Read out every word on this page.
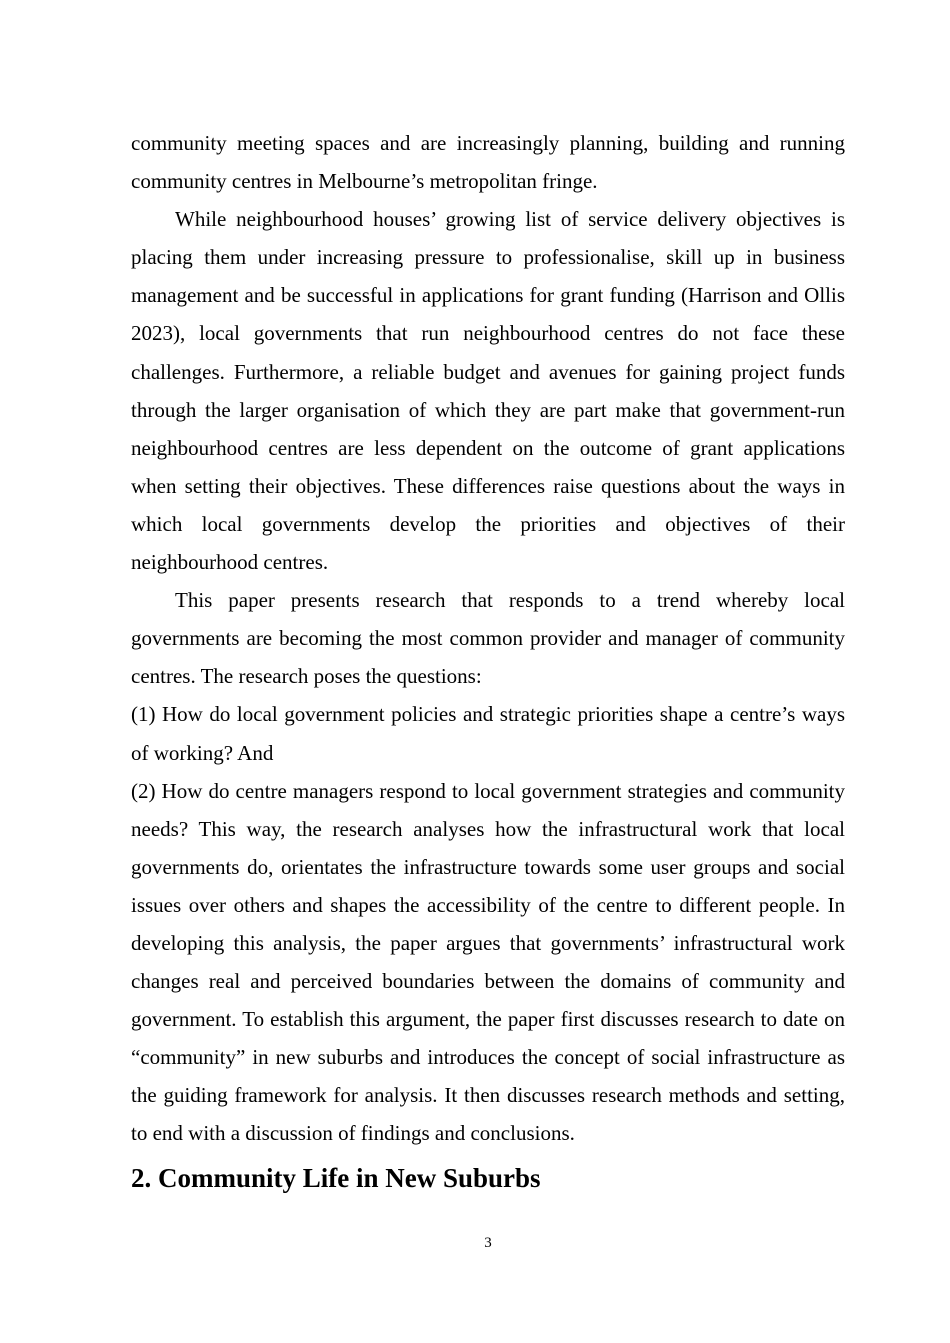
community meeting spaces and are increasingly planning, building and running community centres in Melbourne’s metropolitan fringe.

While neighbourhood houses’ growing list of service delivery objectives is placing them under increasing pressure to professionalise, skill up in business management and be successful in applications for grant funding (Harrison and Ollis 2023), local governments that run neighbourhood centres do not face these challenges. Furthermore, a reliable budget and avenues for gaining project funds through the larger organisation of which they are part make that government-run neighbourhood centres are less dependent on the outcome of grant applications when setting their objectives. These differences raise questions about the ways in which local governments develop the priorities and objectives of their neighbourhood centres.

This paper presents research that responds to a trend whereby local governments are becoming the most common provider and manager of community centres. The research poses the questions:

(1) How do local government policies and strategic priorities shape a centre’s ways of working? And

(2) How do centre managers respond to local government strategies and community needs? This way, the research analyses how the infrastructural work that local governments do, orientates the infrastructure towards some user groups and social issues over others and shapes the accessibility of the centre to different people. In developing this analysis, the paper argues that governments’ infrastructural work changes real and perceived boundaries between the domains of community and government. To establish this argument, the paper first discusses research to date on “community” in new suburbs and introduces the concept of social infrastructure as the guiding framework for analysis. It then discusses research methods and setting, to end with a discussion of findings and conclusions.

2. Community Life in New Suburbs
3
